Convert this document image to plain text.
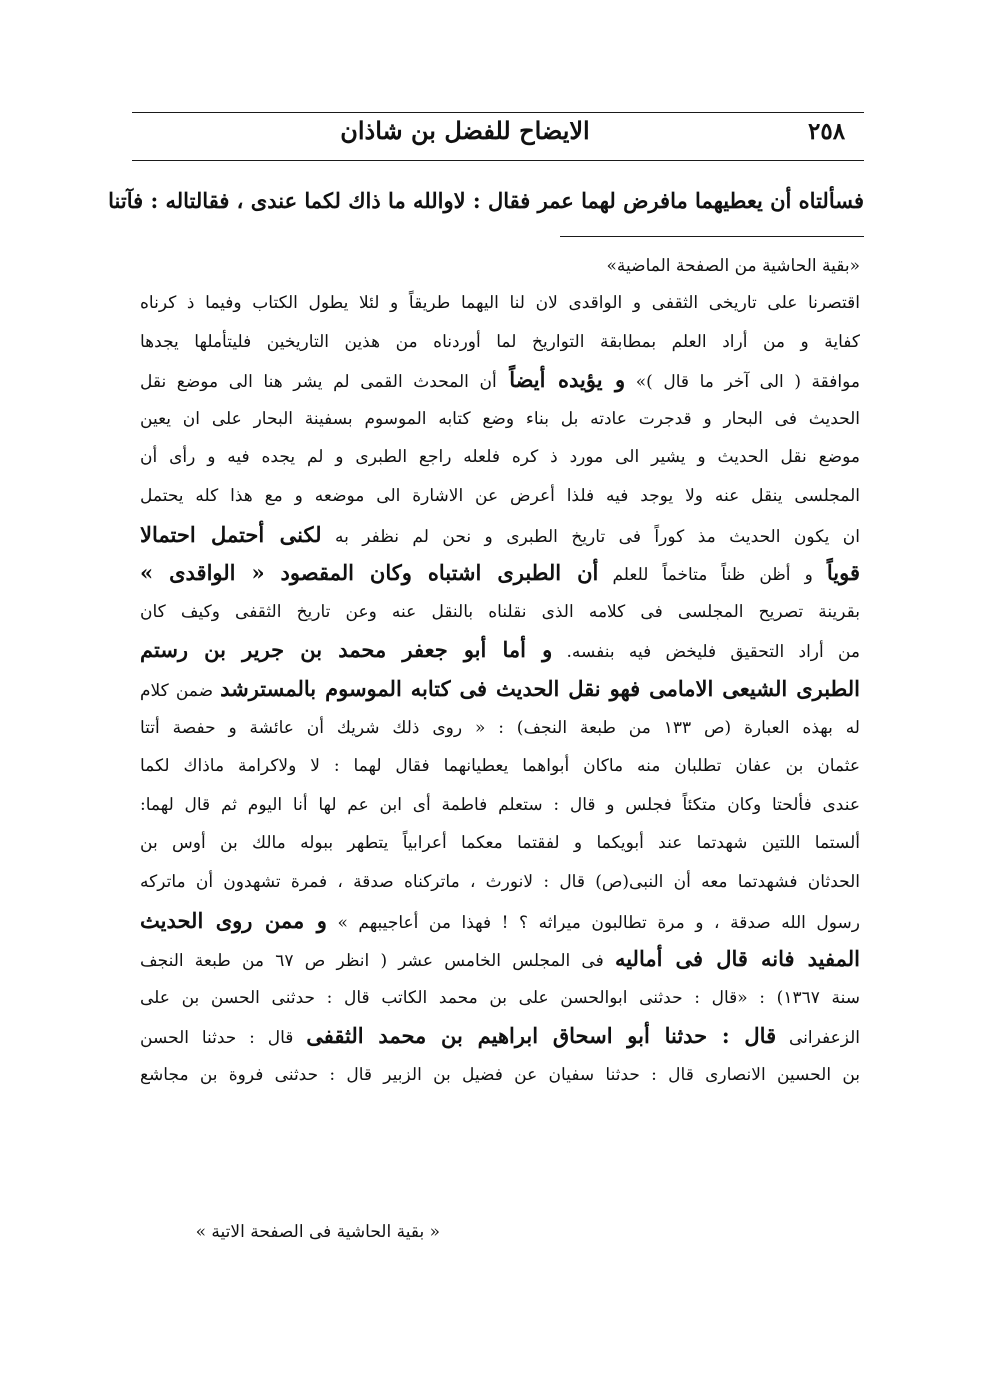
الايضاح للفضل بن شاذان	٢٥٨
فسألتاه أن يعطيهما مافرض لهما عمر فقال : لاوالله ما ذاك لكما عندى ، فقالتاله : فآتنا
«بقية الحاشية من الصفحة الماضية»
اقتصرنا على تاريخى الثقفى و الواقدى لان لنا اليهما طريقاً و لئلا يطول الكتاب وفيما ذ كرناه
كفاية و من أراد العلم بمطابقة التواريخ لما أوردناه من هذين التاريخين فليتأملها يجدها
موافقة ( الى آخر ما قال )» و يؤيده أيضاً أن المحدث القمى لم يشر هنا الى موضع نقل
الحديث فى البحار و قدجرت عادته بل بناء وضع كتابه الموسوم بسفينة البحار على ان يعين
موضع نقل الحديث و يشير الى مورد ذ كره فلعله راجع الطبرى و لم يجده فيه و رأى أن
المجلسى ينقل عنه ولا يوجد فيه فلذا أعرض عن الاشارة الى موضعه و مع هذا كله يحتمل
ان يكون الحديث مذ كوراً فى تاريخ الطبرى و نحن لم نظفر به لكنى أحتمل احتمالا
قوياً و أظن ظناً متاخماً للعلم أن الطبرى اشتباه وكان المقصود « الواقدى »
بقرينة تصريح المجلسى فى كلامه الذى نقلناه بالنقل عنه وعن تاريخ الثقفى وكيف كان
من أراد التحقيق فليخض فيه بنفسه. و أما أبو جعفر محمد بن جرير بن رستم
الطبرى الشيعى الامامى فهو نقل الحديث فى كتابه الموسوم بالمسترشد ضمن كلام
له بهذه العبارة (ص ١٣٣ من طبعة النجف) : « روى ذلك شريك أن عائشة و حفصة أتتا
عثمان بن عفان تطلبان منه ماكان أبواهما يعطيانهما فقال لهما : لا ولاكرامة ماذاك لكما
عندى فألحتا وكان متكئاً فجلس و قال : ستعلم فاطمة أى ابن عم لها أنا اليوم ثم قال لهما:
ألستما اللتين شهدتما عند أبويكما و لفقتما معكما أعرابياً يتطهر ببوله مالك بن أوس بن
الحدثان فشهدتما معه أن النبى(ص) قال : لانورث ، ماتركناه صدقة ، فمرة تشهدون أن ماتركه
رسول الله صدقة ، و مرة تطالبون ميراثه ؟ ! فهذا من أعاجيبهم » و ممن روى الحديث
المفيد فانه قال فى أماليه فى المجلس الخامس عشر ( انظر ص ٦٧ من طبعة النجف
سنة ١٣٦٧) : «قال : حدثنى ابوالحسن على بن محمد الكاتب قال : حدثنى الحسن بن على
الزعفرانى قال : حدثنا أبو اسحاق ابراهيم بن محمد الثقفى قال : حدثنا الحسن
بن الحسين الانصارى قال : حدثنا سفيان عن فضيل بن الزبير قال : حدثنى فروة بن مجاشع
« بقية الحاشية فى الصفحة الاتية »
